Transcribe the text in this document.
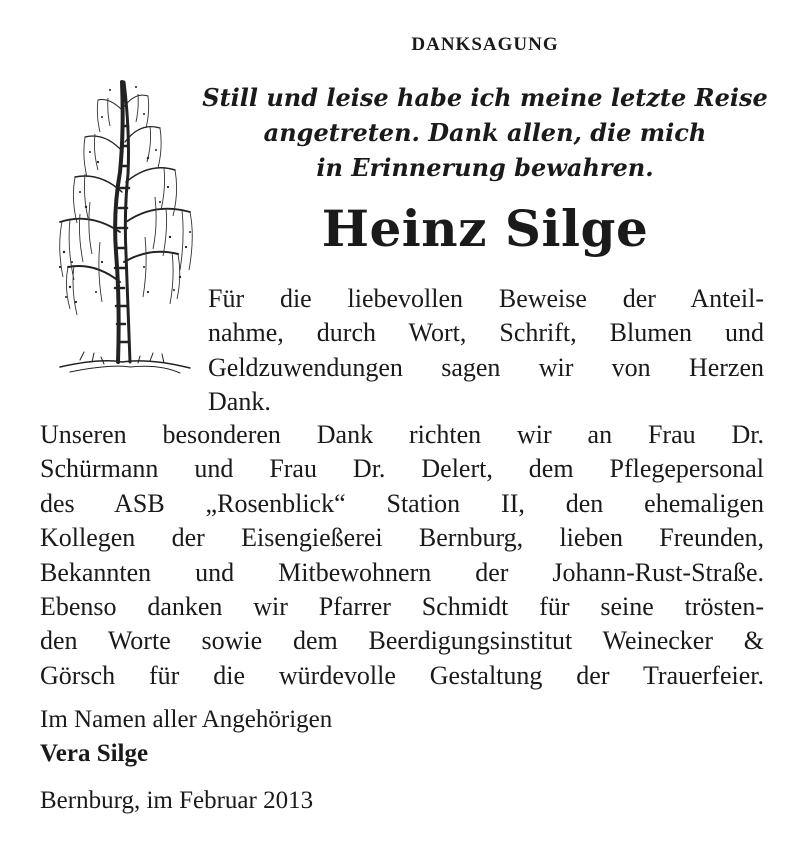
DANKSAGUNG
Still und leise habe ich meine letzte Reise
angetreten. Dank allen, die mich
in Erinnerung bewahren.
Heinz Silge
Für die liebevollen Beweise der Anteil-
nahme, durch Wort, Schrift, Blumen und
Geldzuwendungen sagen wir von Herzen
Dank.
Unseren besonderen Dank richten wir an Frau Dr.
Schürmann und Frau Dr. Delert, dem Pflegepersonal
des ASB „Rosenblick“ Station II, den ehemaligen
Kollegen der Eisengießerei Bernburg, lieben Freunden,
Bekannten und Mitbewohnern der Johann-Rust-Straße.
Ebenso danken wir Pfarrer Schmidt für seine trösten-
den Worte sowie dem Beerdigungsinstitut Weinecker &
Görsch für die würdevolle Gestaltung der Trauerfeier.
Im Namen aller Angehörigen
Vera Silge
Bernburg, im Februar 2013
